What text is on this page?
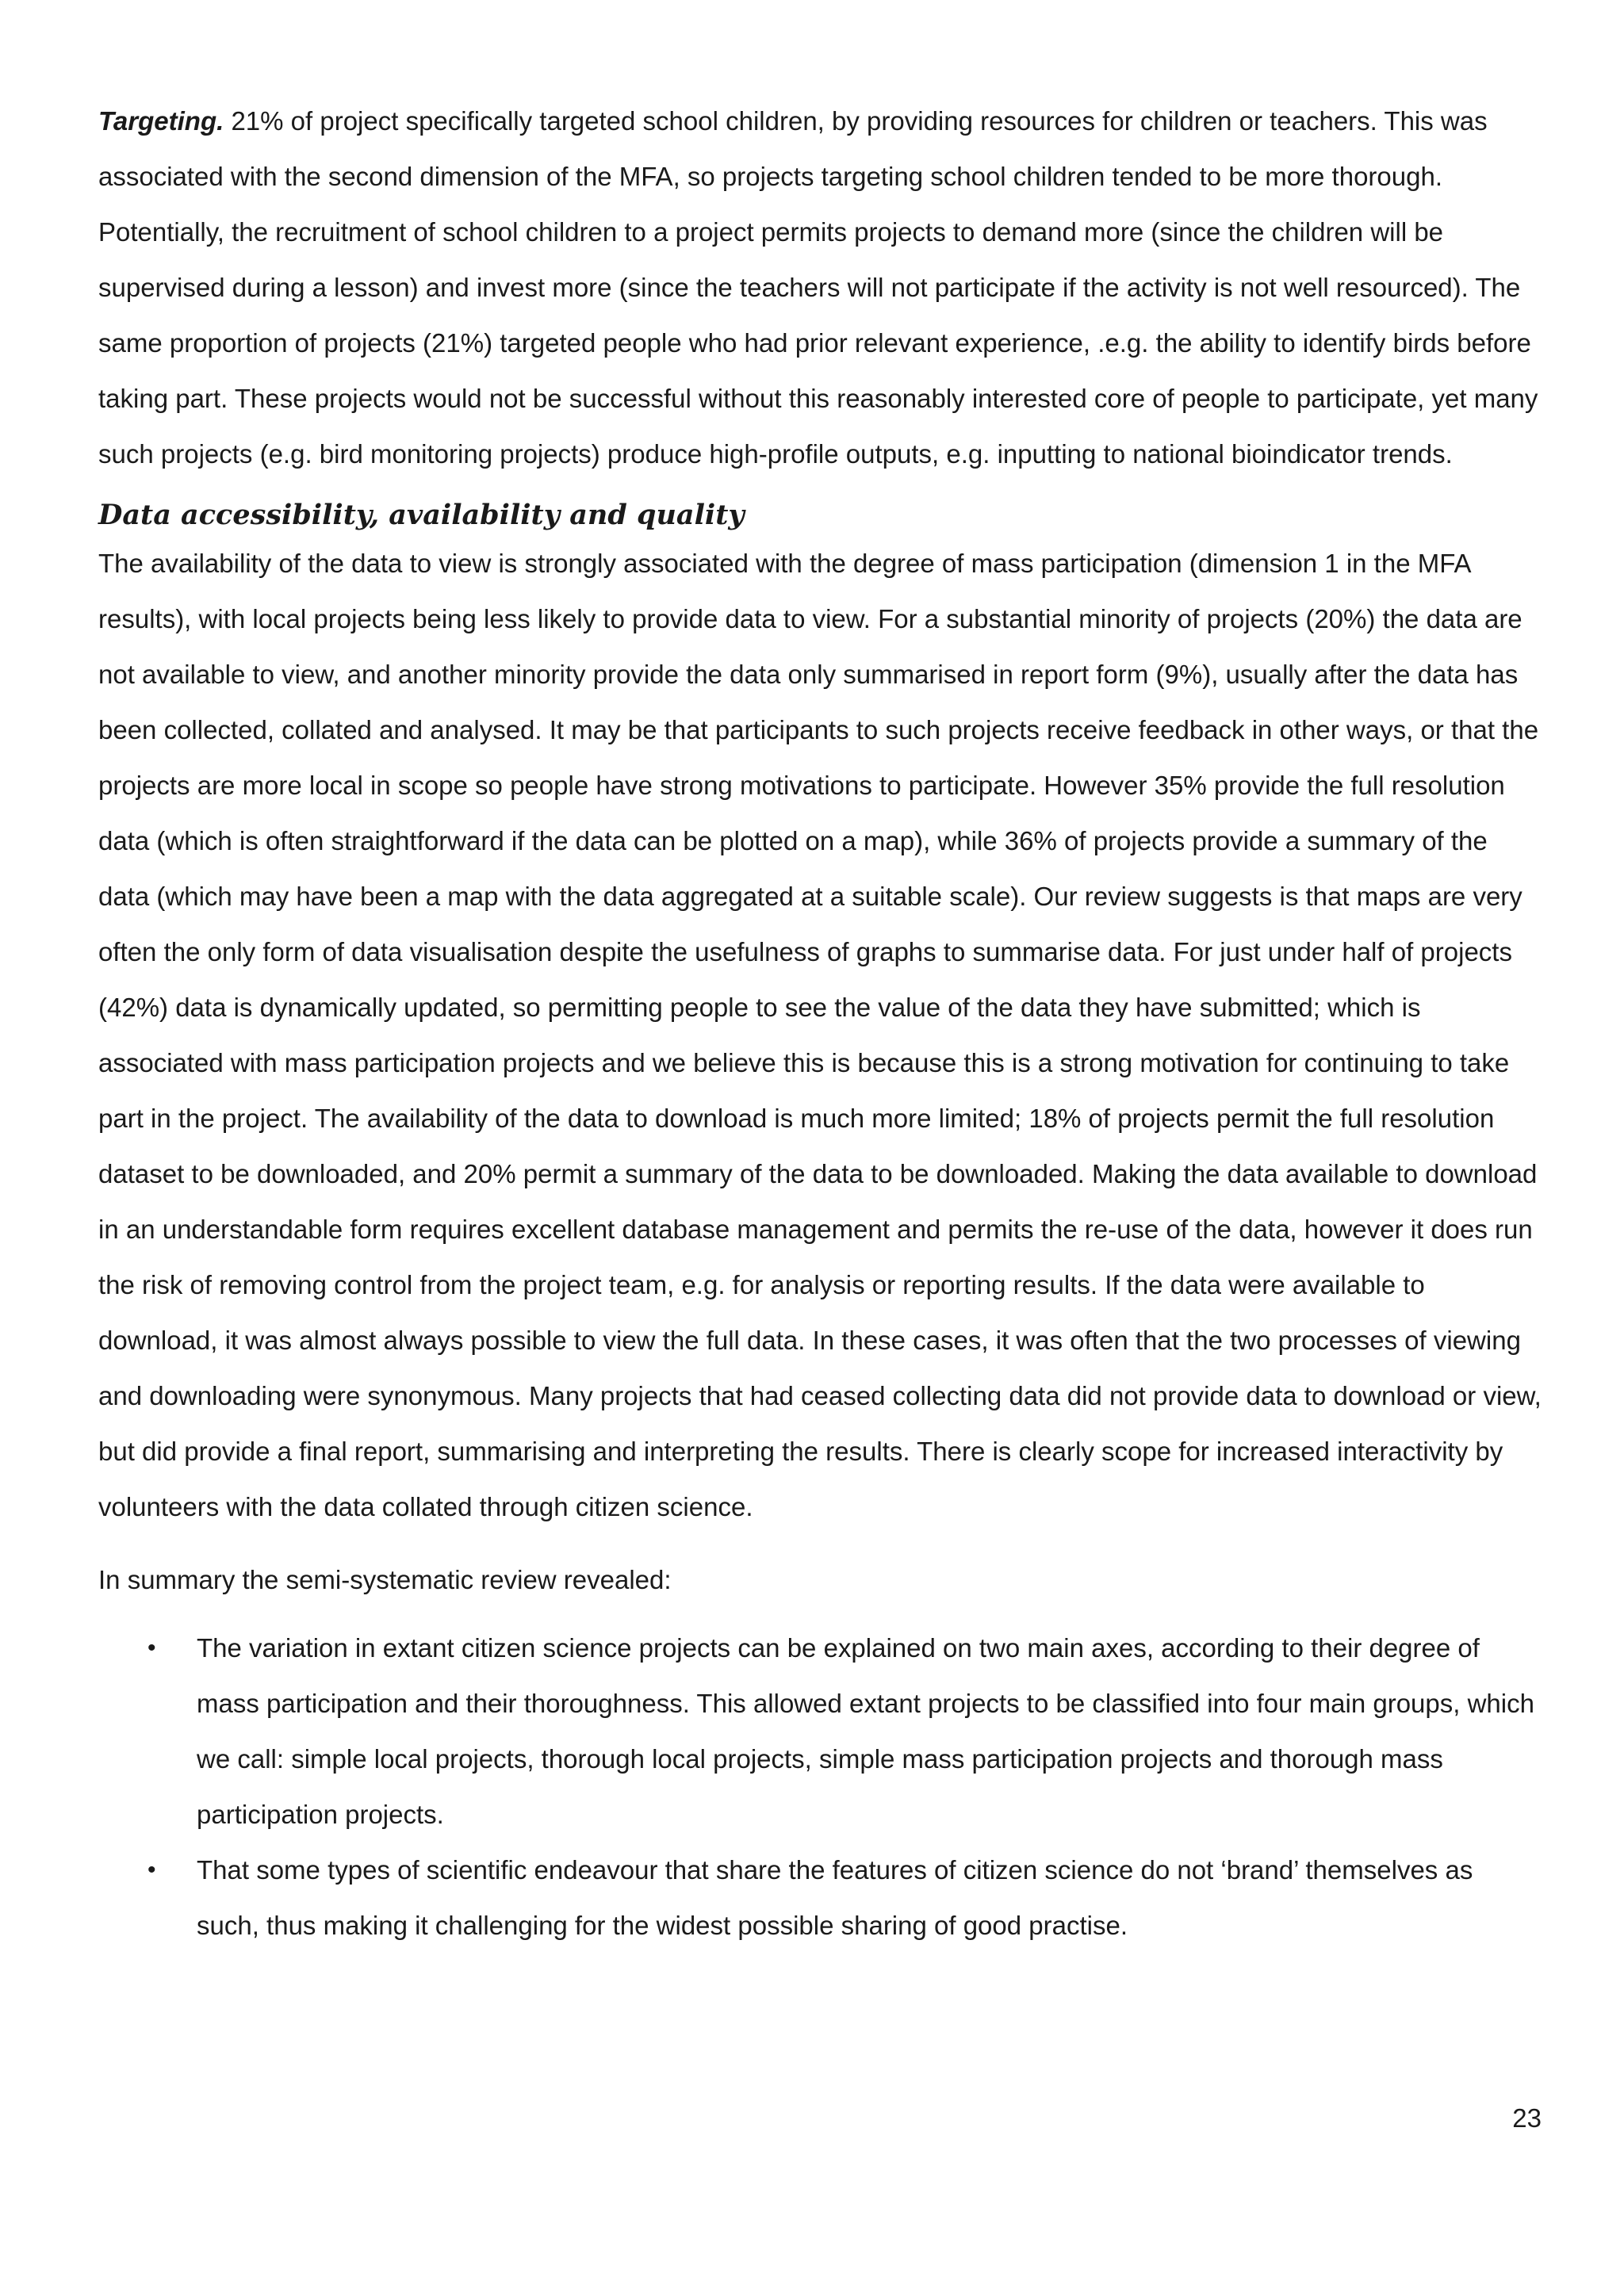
Targeting. 21% of project specifically targeted school children, by providing resources for children or teachers. This was associated with the second dimension of the MFA, so projects targeting school children tended to be more thorough. Potentially, the recruitment of school children to a project permits projects to demand more (since the children will be supervised during a lesson) and invest more (since the teachers will not participate if the activity is not well resourced). The same proportion of projects (21%) targeted people who had prior relevant experience, .e.g. the ability to identify birds before taking part. These projects would not be successful without this reasonably interested core of people to participate, yet many such projects (e.g. bird monitoring projects) produce high-profile outputs, e.g. inputting to national bioindicator trends.

Data accessibility, availability and quality

The availability of the data to view is strongly associated with the degree of mass participation (dimension 1 in the MFA results), with local projects being less likely to provide data to view. For a substantial minority of projects (20%) the data are not available to view, and another minority provide the data only summarised in report form (9%), usually after the data has been collected, collated and analysed. It may be that participants to such projects receive feedback in other ways, or that the projects are more local in scope so people have strong motivations to participate. However 35% provide the full resolution data (which is often straightforward if the data can be plotted on a map), while 36% of projects provide a summary of the data (which may have been a map with the data aggregated at a suitable scale). Our review suggests is that maps are very often the only form of data visualisation despite the usefulness of graphs to summarise data. For just under half of projects (42%) data is dynamically updated, so permitting people to see the value of the data they have submitted; which is associated with mass participation projects and we believe this is because this is a strong motivation for continuing to take part in the project. The availability of the data to download is much more limited; 18% of projects permit the full resolution dataset to be downloaded, and 20% permit a summary of the data to be downloaded. Making the data available to download in an understandable form requires excellent database management and permits the re-use of the data, however it does run the risk of removing control from the project team, e.g. for analysis or reporting results. If the data were available to download, it was almost always possible to view the full data. In these cases, it was often that the two processes of viewing and downloading were synonymous. Many projects that had ceased collecting data did not provide data to download or view, but did provide a final report, summarising and interpreting the results. There is clearly scope for increased interactivity by volunteers with the data collated through citizen science.

In summary the semi-systematic review revealed:

• The variation in extant citizen science projects can be explained on two main axes, according to their degree of mass participation and their thoroughness. This allowed extant projects to be classified into four main groups, which we call: simple local projects, thorough local projects, simple mass participation projects and thorough mass participation projects.
• That some types of scientific endeavour that share the features of citizen science do not ‘brand’ themselves as such, thus making it challenging for the widest possible sharing of good practise.
23
